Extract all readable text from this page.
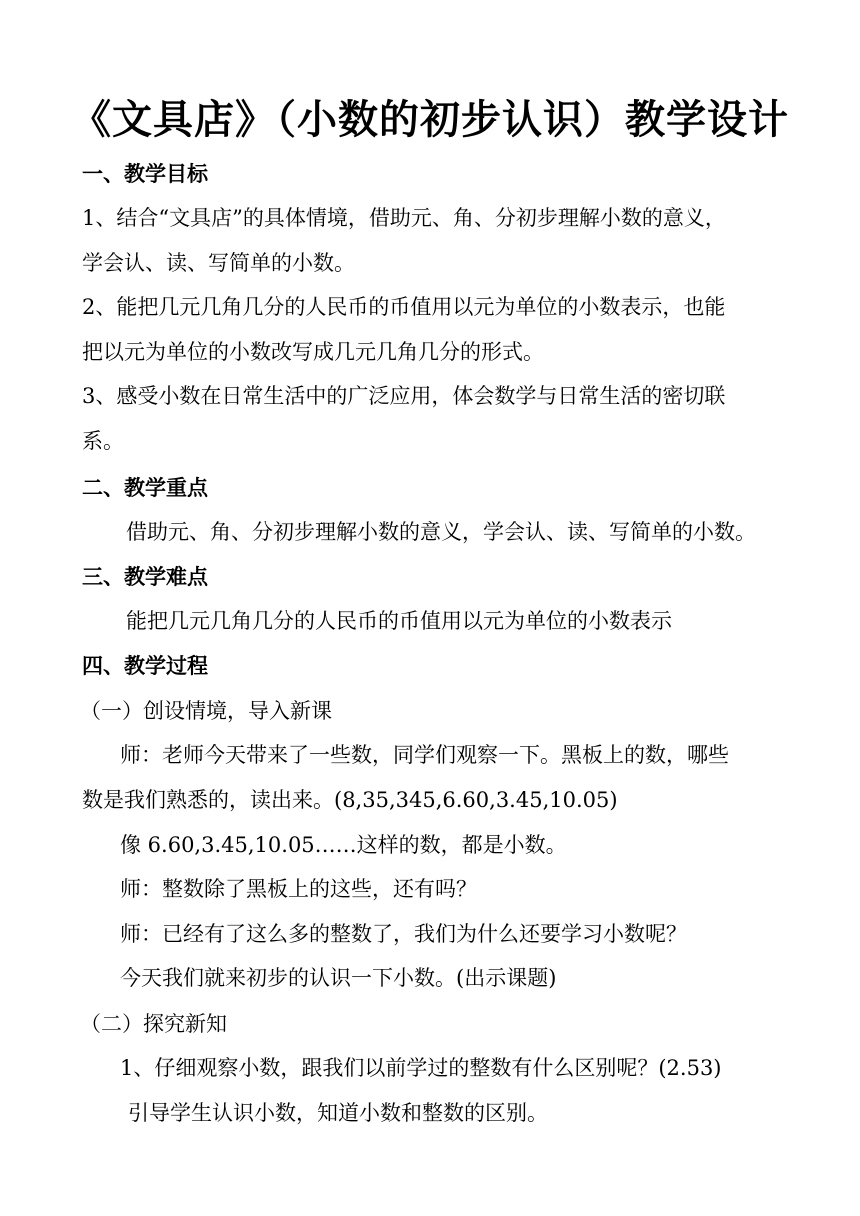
《文具店》（小数的初步认识）教学设计
一、教学目标
1、结合“文具店”的具体情境，借助元、角、分初步理解小数的意义，
学会认、读、写简单的小数。
2、能把几元几角几分的人民币的币值用以元为单位的小数表示，也能
把以元为单位的小数改写成几元几角几分的形式。
3、感受小数在日常生活中的广泛应用，体会数学与日常生活的密切联
系。
二、教学重点
借助元、角、分初步理解小数的意义，学会认、读、写简单的小数。
三、教学难点
能把几元几角几分的人民币的币值用以元为单位的小数表示
四、教学过程
（一）创设情境，导入新课
师：老师今天带来了一些数，同学们观察一下。黑板上的数，哪些
数是我们熟悉的，读出来。(8,35,345,6.60,3.45,10.05)
像 6.60,3.45,10.05……这样的数，都是小数。
师：整数除了黑板上的这些，还有吗？
师：已经有了这么多的整数了，我们为什么还要学习小数呢？
今天我们就来初步的认识一下小数。(出示课题)
（二）探究新知
1、仔细观察小数，跟我们以前学过的整数有什么区别呢？(2.53)
引导学生认识小数，知道小数和整数的区别。
